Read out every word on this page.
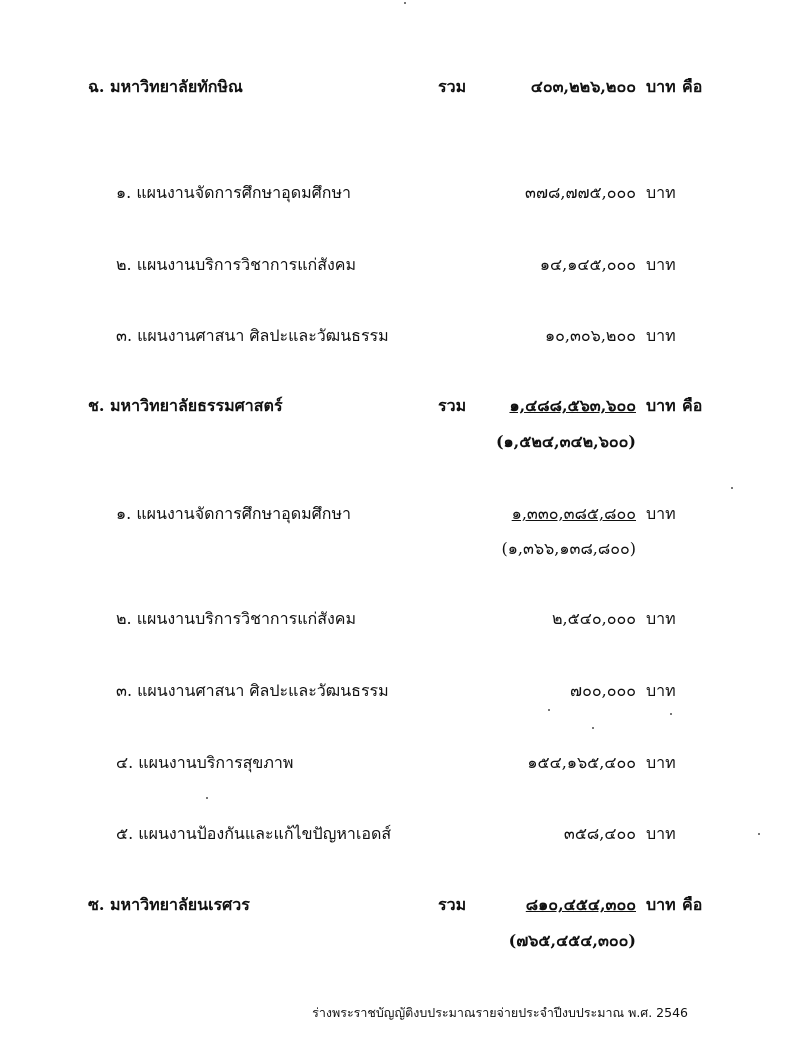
ฉ. มหาวิทยาลัยทักษิณ	รวม	๔๐๓,๒๒๖,๒๐๐ บาท คือ
๑. แผนงานจัดการศึกษาอุดมศึกษา	๓๗๘,๗๗๕,๐๐๐ บาท
๒. แผนงานบริการวิชาการแก่สังคม	๑๔,๑๔๕,๐๐๐ บาท
๓. แผนงานศาสนา ศิลปะและวัฒนธรรม	๑๐,๓๐๖,๒๐๐ บาท
ช. มหาวิทยาลัยธรรมศาสตร์	รวม	๑,๔๘๘,๕๖๓,๖๐๐ บาท คือ
(๑,๕๒๔,๓๔๒,๖๐๐)
๑. แผนงานจัดการศึกษาอุดมศึกษา	๑,๓๓๐,๓๘๕,๘๐๐ บาท
(๑,๓๖๖,๑๓๘,๘๐๐)
๒. แผนงานบริการวิชาการแก่สังคม	๒,๕๔๐,๐๐๐ บาท
๓. แผนงานศาสนา ศิลปะและวัฒนธรรม	๗๐๐,๐๐๐ บาท
๔. แผนงานบริการสุขภาพ	๑๕๔,๑๖๕,๔๐๐ บาท
๕. แผนงานป้องกันและแก้ไขปัญหาเอดส์	๓๕๘,๔๐๐ บาท
ซ. มหาวิทยาลัยนเรศวร	รวม	๘๑๐,๔๕๔,๓๐๐ บาท คือ
(๗๖๕,๔๕๔,๓๐๐)
ร่างพระราชบัญญัติงบประมาณรายจ่ายประจำปีงบประมาณ พ.ศ. 2546
